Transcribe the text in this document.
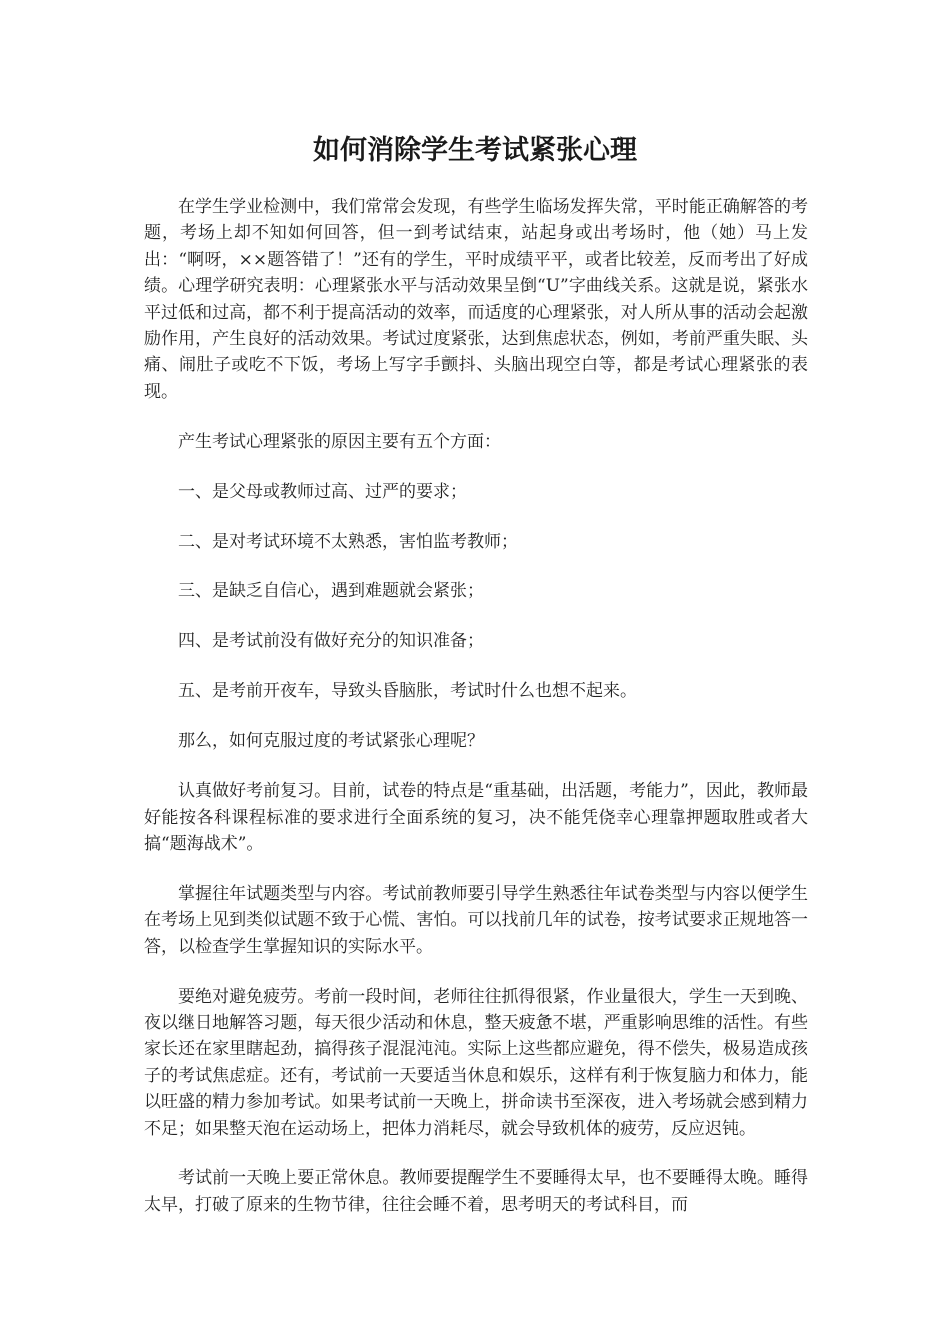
如何消除学生考试紧张心理

在学生学业检测中，我们常常会发现，有些学生临场发挥失常，平时能正确解答的考题，考场上却不知如何回答，但一到考试结束，站起身或出考场时，他（她）马上发出：“啊呀，××题答错了！”还有的学生，平时成绩平平，或者比较差，反而考出了好成绩。心理学研究表明：心理紧张水平与活动效果呈倒“U”字曲线关系。这就是说，紧张水平过低和过高，都不利于提高活动的效率，而适度的心理紧张，对人所从事的活动会起激励作用，产生良好的活动效果。考试过度紧张，达到焦虑状态，例如，考前严重失眠、头痛、闹肚子或吃不下饭，考场上写字手颤抖、头脑出现空白等，都是考试心理紧张的表现。

产生考试心理紧张的原因主要有五个方面：

一、是父母或教师过高、过严的要求；

二、是对考试环境不太熟悉，害怕监考教师；

三、是缺乏自信心，遇到难题就会紧张；

四、是考试前没有做好充分的知识准备；

五、是考前开夜车，导致头昏脑胀，考试时什么也想不起来。

那么，如何克服过度的考试紧张心理呢？

认真做好考前复习。目前，试卷的特点是“重基础，出活题，考能力”，因此，教师最好能按各科课程标准的要求进行全面系统的复习，决不能凭侥幸心理靠押题取胜或者大搞“题海战术”。

掌握往年试题类型与内容。考试前教师要引导学生熟悉往年试卷类型与内容以便学生在考场上见到类似试题不致于心慌、害怕。可以找前几年的试卷，按考试要求正规地答一答，以检查学生掌握知识的实际水平。

要绝对避免疲劳。考前一段时间，老师往往抓得很紧，作业量很大，学生一天到晚、夜以继日地解答习题，每天很少活动和休息，整天疲惫不堪，严重影响思维的活性。有些家长还在家里瞎起劲，搞得孩子混混沌沌。实际上这些都应避免，得不偿失，极易造成孩子的考试焦虑症。还有，考试前一天要适当休息和娱乐，这样有利于恢复脑力和体力，能以旺盛的精力参加考试。如果考试前一天晚上，拼命读书至深夜，进入考场就会感到精力不足；如果整天泡在运动场上，把体力消耗尽，就会导致机体的疲劳，反应迟钝。

考试前一天晚上要正常休息。教师要提醒学生不要睡得太早，也不要睡得太晚。睡得太早，打破了原来的生物节律，往往会睡不着，思考明天的考试科目，而
